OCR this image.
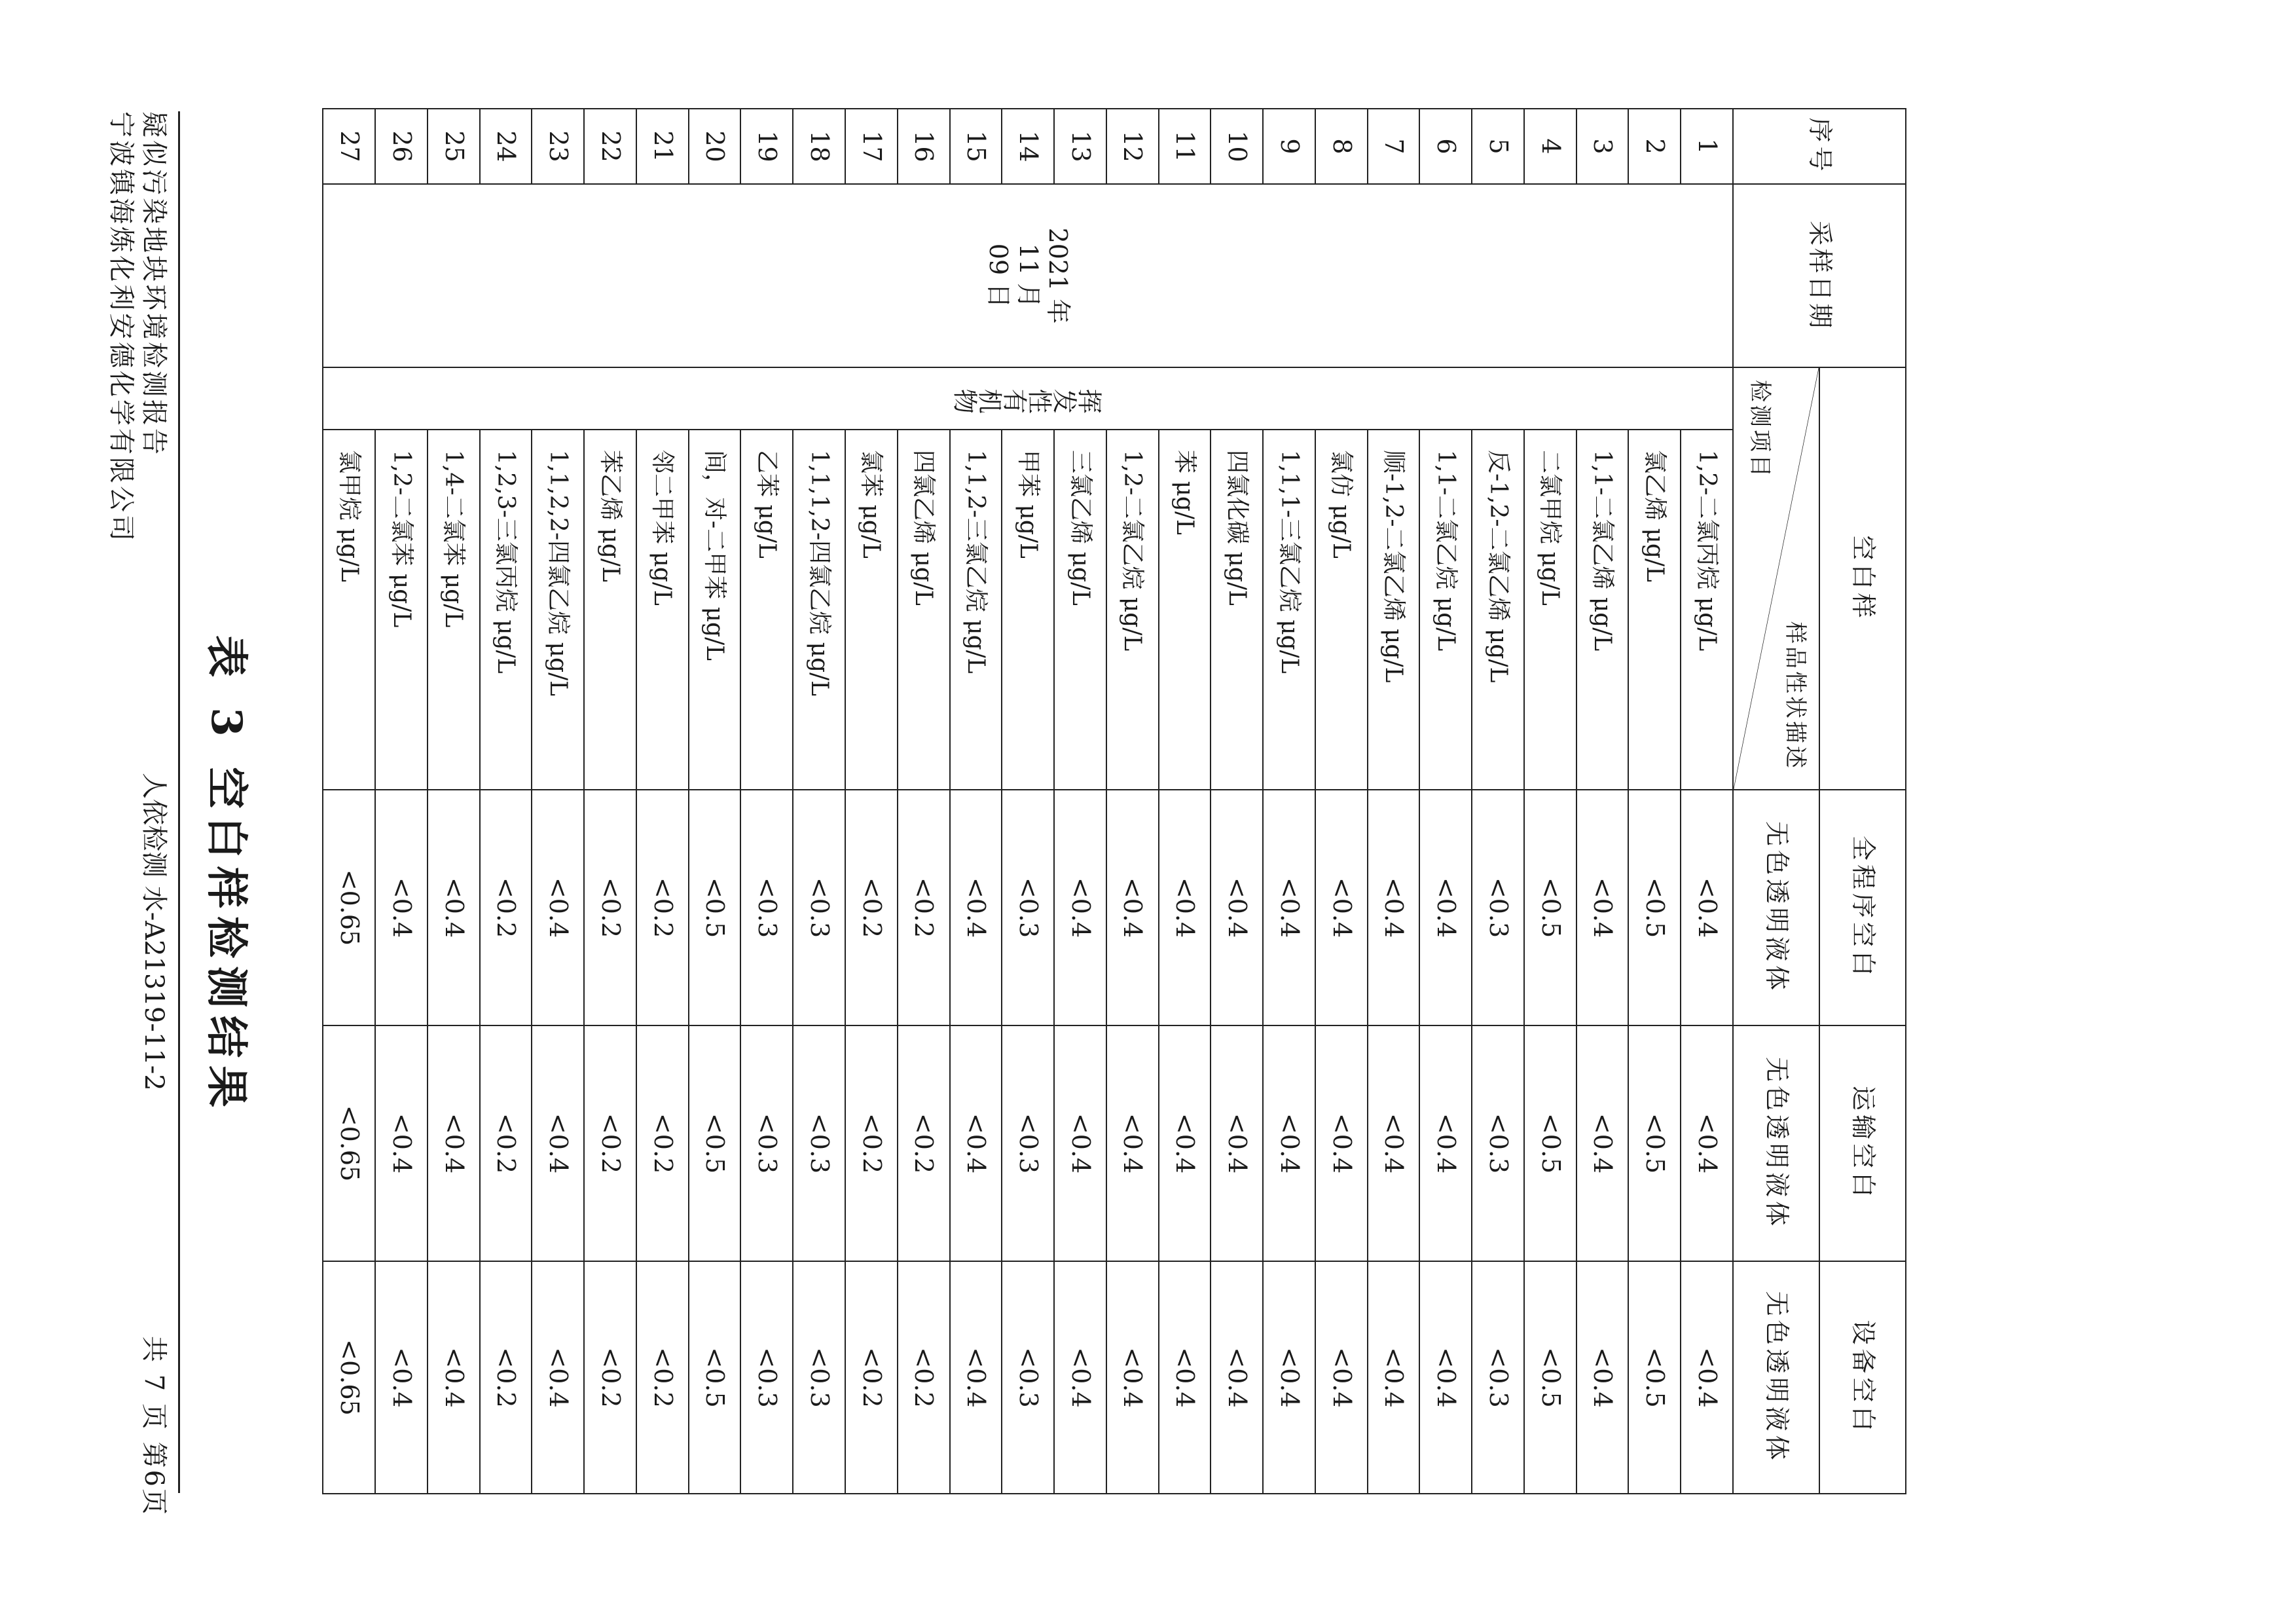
宁波镇海炼化利安德化学有限公司 疑似污染地块环境检测报告
人依检测 水-A21319-11-2
共 7 页 第6页
表 3 空白样检测结果
序号	采样日期	空白样		全程序空白	运输空白	设备空白

		检测项目
样品性状描述		无色透明液体	无色透明液体	无色透明液体
1	2021 年 11 月 09 日	挥发性有机物	1,2-二氯丙烷 μg/L	<0.4	<0.4	<0.4
2			氯乙烯 μg/L	<0.5	<0.5	<0.5
3			1,1-二氯乙烯 μg/L	<0.4	<0.4	<0.4
4			二氯甲烷 μg/L	<0.5	<0.5	<0.5
5			反-1,2-二氯乙烯 μg/L	<0.3	<0.3	<0.3
6			1,1-二氯乙烷 μg/L	<0.4	<0.4	<0.4
7			顺-1,2-二氯乙烯 μg/L	<0.4	<0.4	<0.4
8			氯仿 μg/L	<0.4	<0.4	<0.4
9			1,1,1-三氯乙烷 μg/L	<0.4	<0.4	<0.4
10			四氯化碳 μg/L	<0.4	<0.4	<0.4
11			苯 μg/L	<0.4	<0.4	<0.4
12			1,2-二氯乙烷 μg/L	<0.4	<0.4	<0.4
13			三氯乙烯 μg/L	<0.4	<0.4	<0.4
14			甲苯 μg/L	<0.3	<0.3	<0.3
15			1,1,2-三氯乙烷 μg/L	<0.4	<0.4	<0.4
16			四氯乙烯 μg/L	<0.2	<0.2	<0.2
17			氯苯 μg/L	<0.2	<0.2	<0.2
18			1,1,1,2-四氯乙烷 μg/L	<0.3	<0.3	<0.3
19			乙苯 μg/L	<0.3	<0.3	<0.3
20			间，对-二甲苯 μg/L	<0.5	<0.5	<0.5
21			邻二甲苯 μg/L	<0.2	<0.2	<0.2
22			苯乙烯 μg/L	<0.2	<0.2	<0.2
23			1,1,2,2-四氯乙烷 μg/L	<0.4	<0.4	<0.4
24			1,2,3-三氯丙烷 μg/L	<0.2	<0.2	<0.2
25			1,4-二氯苯 μg/L	<0.4	<0.4	<0.4
26			1,2-二氯苯 μg/L	<0.4	<0.4	<0.4
27			氯甲烷 μg/L	<0.65	<0.65	<0.65
